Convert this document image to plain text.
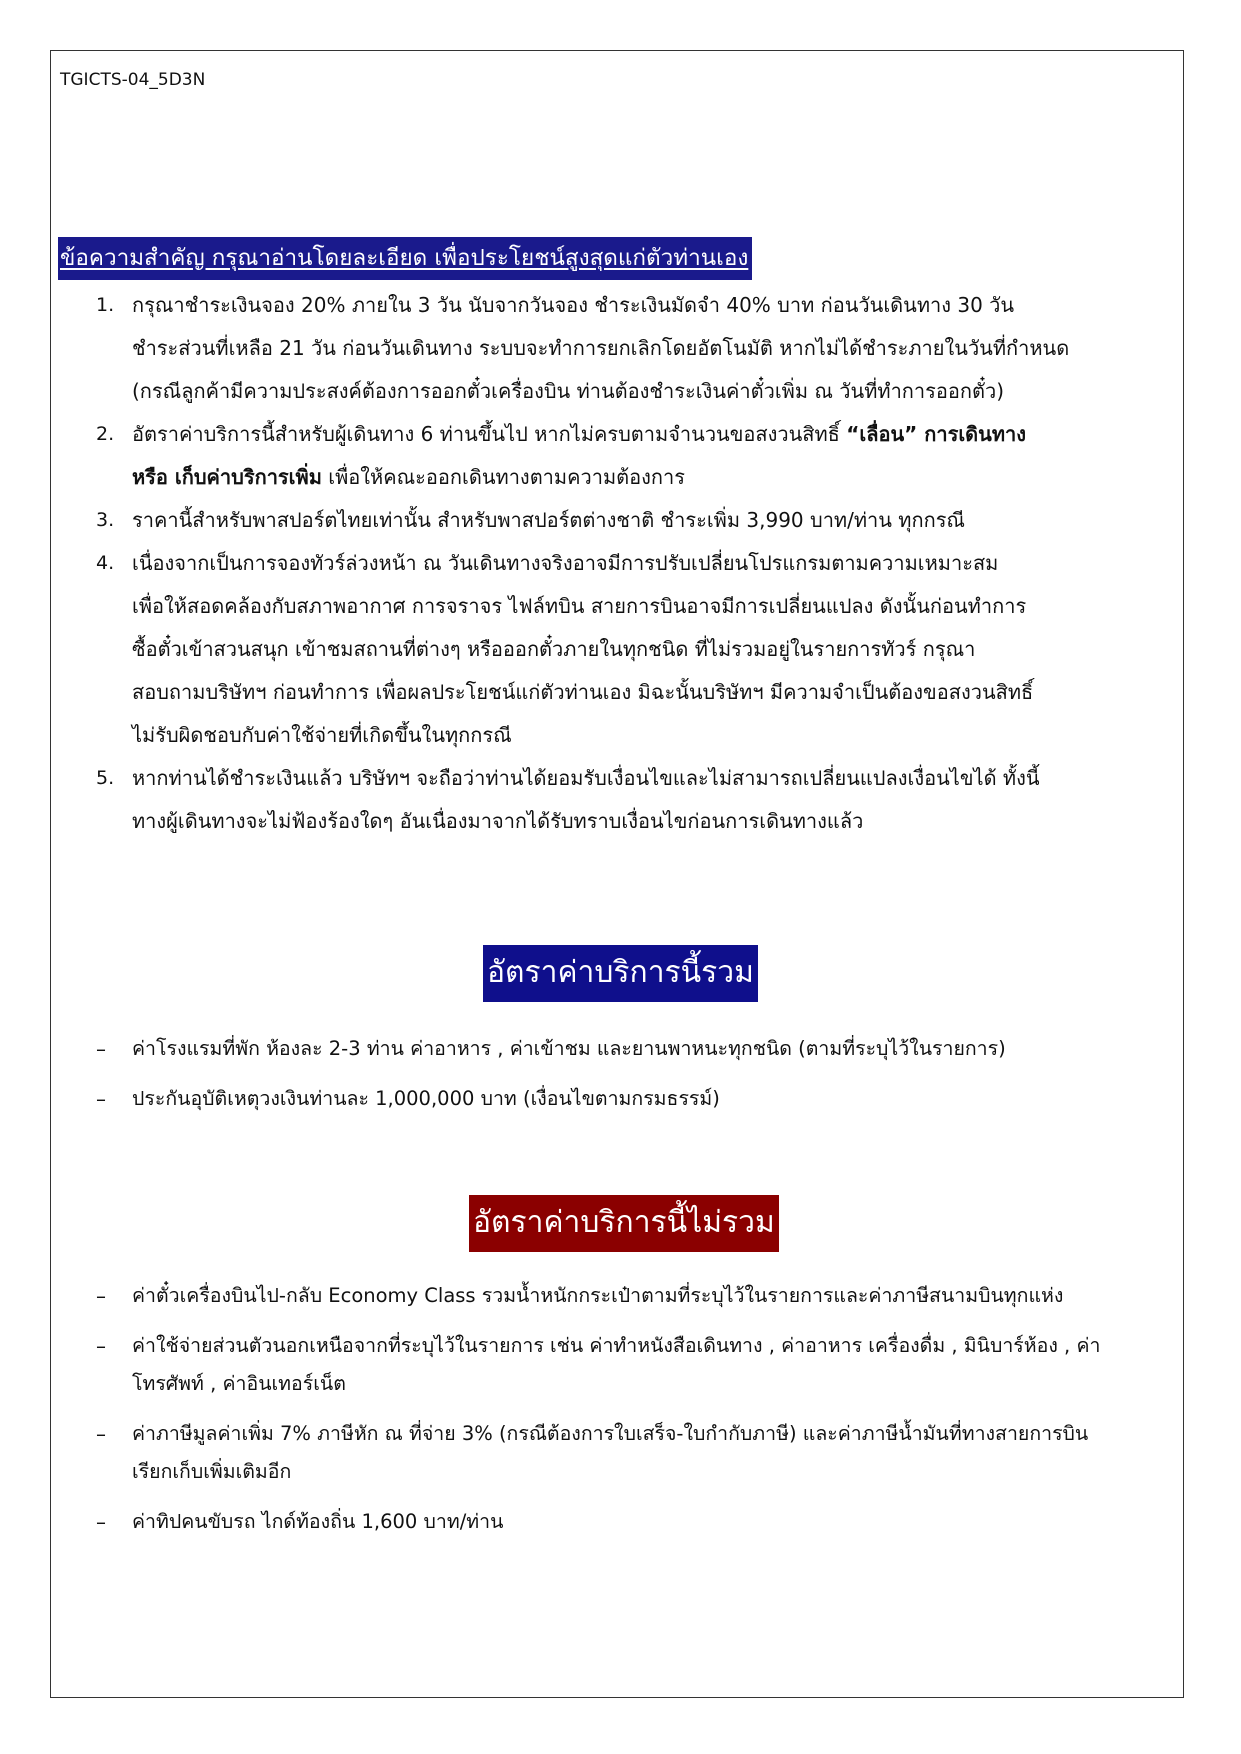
TGICTS-04_5D3N
ข้อความสำคัญ กรุณาอ่านโดยละเอียด เพื่อประโยชน์สูงสุดแก่ตัวท่านเอง
1. กรุณาชำระเงินจอง 20% ภายใน 3 วัน นับจากวันจอง ชำระเงินมัดจำ 40% บาท ก่อนวันเดินทาง 30 วัน
ชำระส่วนที่เหลือ 21 วัน ก่อนวันเดินทาง ระบบจะทำการยกเลิกโดยอัตโนมัติ หากไม่ได้ชำระภายในวันที่กำหนด
(กรณีลูกค้ามีความประสงค์ต้องการออกตั๋วเครื่องบิน ท่านต้องชำระเงินค่าตั๋วเพิ่ม ณ วันที่ทำการออกตั๋ว)
2. อัตราค่าบริการนี้สำหรับผู้เดินทาง 6 ท่านขึ้นไป หากไม่ครบตามจำนวนขอสงวนสิทธิ์ “เลื่อน” การเดินทาง
หรือ เก็บค่าบริการเพิ่ม เพื่อให้คณะออกเดินทางตามความต้องการ
3. ราคานี้สำหรับพาสปอร์ตไทยเท่านั้น สำหรับพาสปอร์ตต่างชาติ ชำระเพิ่ม 3,990 บาท/ท่าน ทุกกรณี
4. เนื่องจากเป็นการจองทัวร์ล่วงหน้า ณ วันเดินทางจริงอาจมีการปรับเปลี่ยนโปรแกรมตามความเหมาะสม
เพื่อให้สอดคล้องกับสภาพอากาศ การจราจร ไฟล์ทบิน สายการบินอาจมีการเปลี่ยนแปลง ดังนั้นก่อนทำการ
ซื้อตั๋วเข้าสวนสนุก เข้าชมสถานที่ต่างๆ หรือออกตั๋วภายในทุกชนิด ที่ไม่รวมอยู่ในรายการทัวร์ กรุณา
สอบถามบริษัทฯ ก่อนทำการ เพื่อผลประโยชน์แก่ตัวท่านเอง มิฉะนั้นบริษัทฯ มีความจำเป็นต้องขอสงวนสิทธิ์
ไม่รับผิดชอบกับค่าใช้จ่ายที่เกิดขึ้นในทุกกรณี
5. หากท่านได้ชำระเงินแล้ว บริษัทฯ จะถือว่าท่านได้ยอมรับเงื่อนไขและไม่สามารถเปลี่ยนแปลงเงื่อนไขได้ ทั้งนี้
ทางผู้เดินทางจะไม่ฟ้องร้องใดๆ อันเนื่องมาจากได้รับทราบเงื่อนไขก่อนการเดินทางแล้ว
อัตราค่าบริการนี้รวม
– ค่าโรงแรมที่พัก ห้องละ 2-3 ท่าน ค่าอาหาร , ค่าเข้าชม และยานพาหนะทุกชนิด (ตามที่ระบุไว้ในรายการ)
– ประกันอุบัติเหตุวงเงินท่านละ 1,000,000 บาท (เงื่อนไขตามกรมธรรม์)
อัตราค่าบริการนี้ไม่รวม
– ค่าตั๋วเครื่องบินไป-กลับ Economy Class รวมน้ำหนักกระเป๋าตามที่ระบุไว้ในรายการและค่าภาษีสนามบินทุกแห่ง
– ค่าใช้จ่ายส่วนตัวนอกเหนือจากที่ระบุไว้ในรายการ เช่น ค่าทำหนังสือเดินทาง , ค่าอาหาร เครื่องดื่ม , มินิบาร์ห้อง , ค่า
โทรศัพท์ , ค่าอินเทอร์เน็ต
– ค่าภาษีมูลค่าเพิ่ม 7% ภาษีหัก ณ ที่จ่าย 3% (กรณีต้องการใบเสร็จ-ใบกำกับภาษี) และค่าภาษีน้ำมันที่ทางสายการบิน
เรียกเก็บเพิ่มเติมอีก
– ค่าทิปคนขับรถ ไกด์ท้องถิ่น 1,600 บาท/ท่าน
